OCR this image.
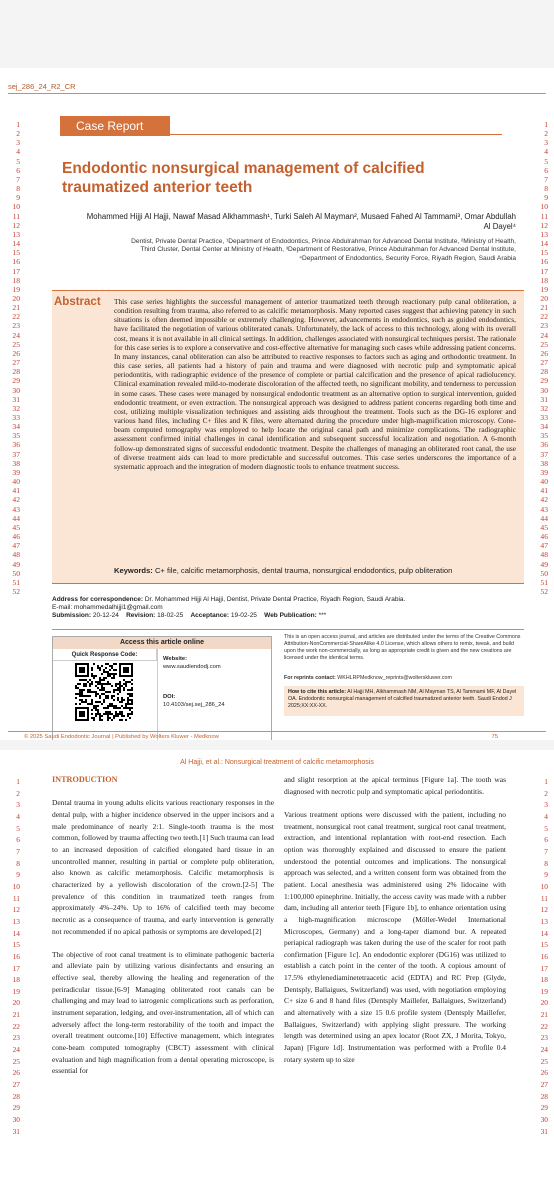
sej_286_24_R2_CR
1
2
3
4
5
6
7
8
9
10
11
12
13
14
15
16
17
18
19
20
21
22
23
24
25
26
27
28
29
30
31
32
33
34
35
36
37
38
39
40
41
42
43
44
45
46
47
48
49
50
51
52
1
2
3
4
5
6
7
8
9
10
11
12
13
14
15
16
17
18
19
20
21
22
23
24
25
26
27
28
29
30
31
32
33
34
35
36
37
38
39
40
41
42
43
44
45
46
47
48
49
50
51
52
Case Report
Endodontic nonsurgical management of calcified traumatized anterior teeth
Mohammed Hijji Al Hajji, Nawaf Masad Alkhammash¹, Turki Saleh Al Mayman², Musaed Fahed Al Tammami³, Omar Abdullah Al Dayel⁴
Dentist, Private Dental Practice, ¹Department of Endodontics, Prince Abdulrahman for Advanced Dental Institute, ²Ministry of Health,
Third Cluster, Dental Center at Ministry of Health, ³Department of Restorative, Prince Abdulrahman for Advanced Dental Institute,
⁴Department of Endodontics, Security Force, Riyadh Region, Saudi Arabia
Abstract This case series highlights the successful management of anterior traumatized teeth through reactionary pulp canal obliteration, a condition resulting from trauma, also referred to as calcific metamorphosis. Many reported cases suggest that achieving patency in such situations is often deemed impossible or extremely challenging. However, advancements in endodontics, such as guided endodontics, have facilitated the negotiation of various obliterated canals. Unfortunately, the lack of access to this technology, along with its overall cost, means it is not available in all clinical settings. In addition, challenges associated with nonsurgical techniques persist. The rationale for this case series is to explore a conservative and cost-effective alternative for managing such cases while addressing patient concerns. In many instances, canal obliteration can also be attributed to reactive responses to factors such as aging and orthodontic treatment. In this case series, all patients had a history of pain and trauma and were diagnosed with necrotic pulp and symptomatic apical periodontitis, with radiographic evidence of the presence of complete or partial calcification and the presence of apical radiolucency. Clinical examination revealed mild-to-moderate discoloration of the affected teeth, no significant mobility, and tenderness to percussion in some cases. These cases were managed by nonsurgical endodontic treatment as an alternative option to surgical intervention, guided endodontic treatment, or even extraction. The nonsurgical approach was designed to address patient concerns regarding both time and cost, utilizing multiple visualization techniques and assisting aids throughout the treatment. Tools such as the DG-16 explorer and various hand files, including C+ files and K files, were alternated during the procedure under high-magnification microscopy. Cone-beam computed tomography was employed to help locate the original canal path and minimize complications. The radiographic assessment confirmed initial challenges in canal identification and subsequent successful localization and negotiation. A 6-month follow-up demonstrated signs of successful endodontic treatment. Despite the challenges of managing an obliterated root canal, the use of diverse treatment aids can lead to more predictable and successful outcomes. This case series underscores the importance of a systematic approach and the integration of modern diagnostic tools to enhance treatment success.
Keywords: C+ file, calcific metamorphosis, dental trauma, nonsurgical endodontics, pulp obliteration
Address for correspondence: Dr. Mohammed Hijji Al Hajji, Dentist, Private Dental Practice, Riyadh Region, Saudi Arabia.
E-mail: mohammedalhijji1@gmail.com
Submission: 20-12-24 Revision: 18-02-25 Acceptance: 19-02-25 Web Publication: ***
Access this article online
Quick Response Code:
Website:
www.saudiendodj.com
DOI:
10.4103/sej.sej_286_24
This is an open access journal, and articles are distributed under the terms of the Creative Commons Attribution-NonCommercial-ShareAlike 4.0 License, which allows others to remix, tweak, and build upon the work non-commercially, as long as appropriate credit is given and the new creations are licensed under the identical terms.
For reprints contact: WKHLRPMedknow_reprints@wolterskluwer.com
How to cite this article: Al Hajji MH, Alkhammash NM, Al Mayman TS, Al Tammami MF, Al Dayel OA. Endodontic nonsurgical management of calcified traumatized anterior teeth. Saudi Endod J 2025;XX:XX-XX.
© 2025 Saudi Endodontic Journal | Published by Wolters Kluwer - Medknow	75
Al Hajji, et al.: Nonsurgical treatment of calcific metamorphosis
1
2
3
4
5
6
7
8
9
10
11
12
13
14
15
16
17
18
19
20
21
22
23
24
25
26
27
28
29
30
31
1
2
3
4
5
6
7
8
9
10
11
12
13
14
15
16
17
18
19
20
21
22
23
24
25
26
27
28
29
30
31
INTRODUCTION

Dental trauma in young adults elicits various reactionary responses in the dental pulp, with a higher incidence observed in the upper incisors and a male predominance of nearly 2:1. Single-tooth trauma is the most common, followed by trauma affecting two teeth.[1] Such trauma can lead to an increased deposition of calcified elongated hard tissue in an uncontrolled manner, resulting in partial or complete pulp obliteration, also known as calcific metamorphosis. Calcific metamorphosis is characterized by a yellowish discoloration of the crown.[2-5] The prevalence of this condition in traumatized teeth ranges from approximately 4%–24%. Up to 16% of calcified teeth may become necrotic as a consequence of trauma, and early intervention is generally not recommended if no apical pathosis or symptoms are developed.[2]

The objective of root canal treatment is to eliminate pathogenic bacteria and alleviate pain by utilizing various disinfectants and ensuring an effective seal, thereby allowing the healing and regeneration of the periradicular tissue.[6-9] Managing obliterated root canals can be challenging and may lead to iatrogenic complications such as perforation, instrument separation, ledging, and over-instrumentation, all of which can adversely affect the long-term restorability of the tooth and impact the overall treatment outcome.[10] Effective management, which integrates cone-beam computed tomography (CBCT) assessment with clinical evaluation and high magnification from a dental operating microscope, is essential for

and slight resorption at the apical terminus [Figure 1a]. The tooth was diagnosed with necrotic pulp and symptomatic apical periodontitis.

Various treatment options were discussed with the patient, including no treatment, nonsurgical root canal treatment, surgical root canal treatment, extraction, and intentional replantation with root-end resection. Each option was thoroughly explained and discussed to ensure the patient understood the potential outcomes and implications. The nonsurgical approach was selected, and a written consent form was obtained from the patient. Local anesthesia was administered using 2% lidocaine with 1:100,000 epinephrine. Initially, the access cavity was made with a rubber dam, including all anterior teeth [Figure 1b], to enhance orientation using a high-magnification microscope (Möller-Wedel International Microscopes, Germany) and a long-taper diamond bur. A repeated periapical radiograph was taken during the use of the scaler for root path confirmation [Figure 1c]. An endodontic explorer (DG16) was utilized to establish a catch point in the center of the tooth. A copious amount of 17.5% ethylenediaminetetraacetic acid (EDTA) and RC Prep (Glyde, Dentsply, Ballaigues, Switzerland) was used, with negotiation employing C+ size 6 and 8 hand files (Dentsply Maillefer, Ballaigues, Switzerland) and alternatively with a size 15 0.6 profile system (Dentsply Maillefer, Ballaigues, Switzerland) with applying slight pressure. The working length was determined using an apex locator (Root ZX, J Morita, Tokyo, Japan) [Figure 1d]. Instrumentation was performed with a Profile 0.4 rotary system up to size
